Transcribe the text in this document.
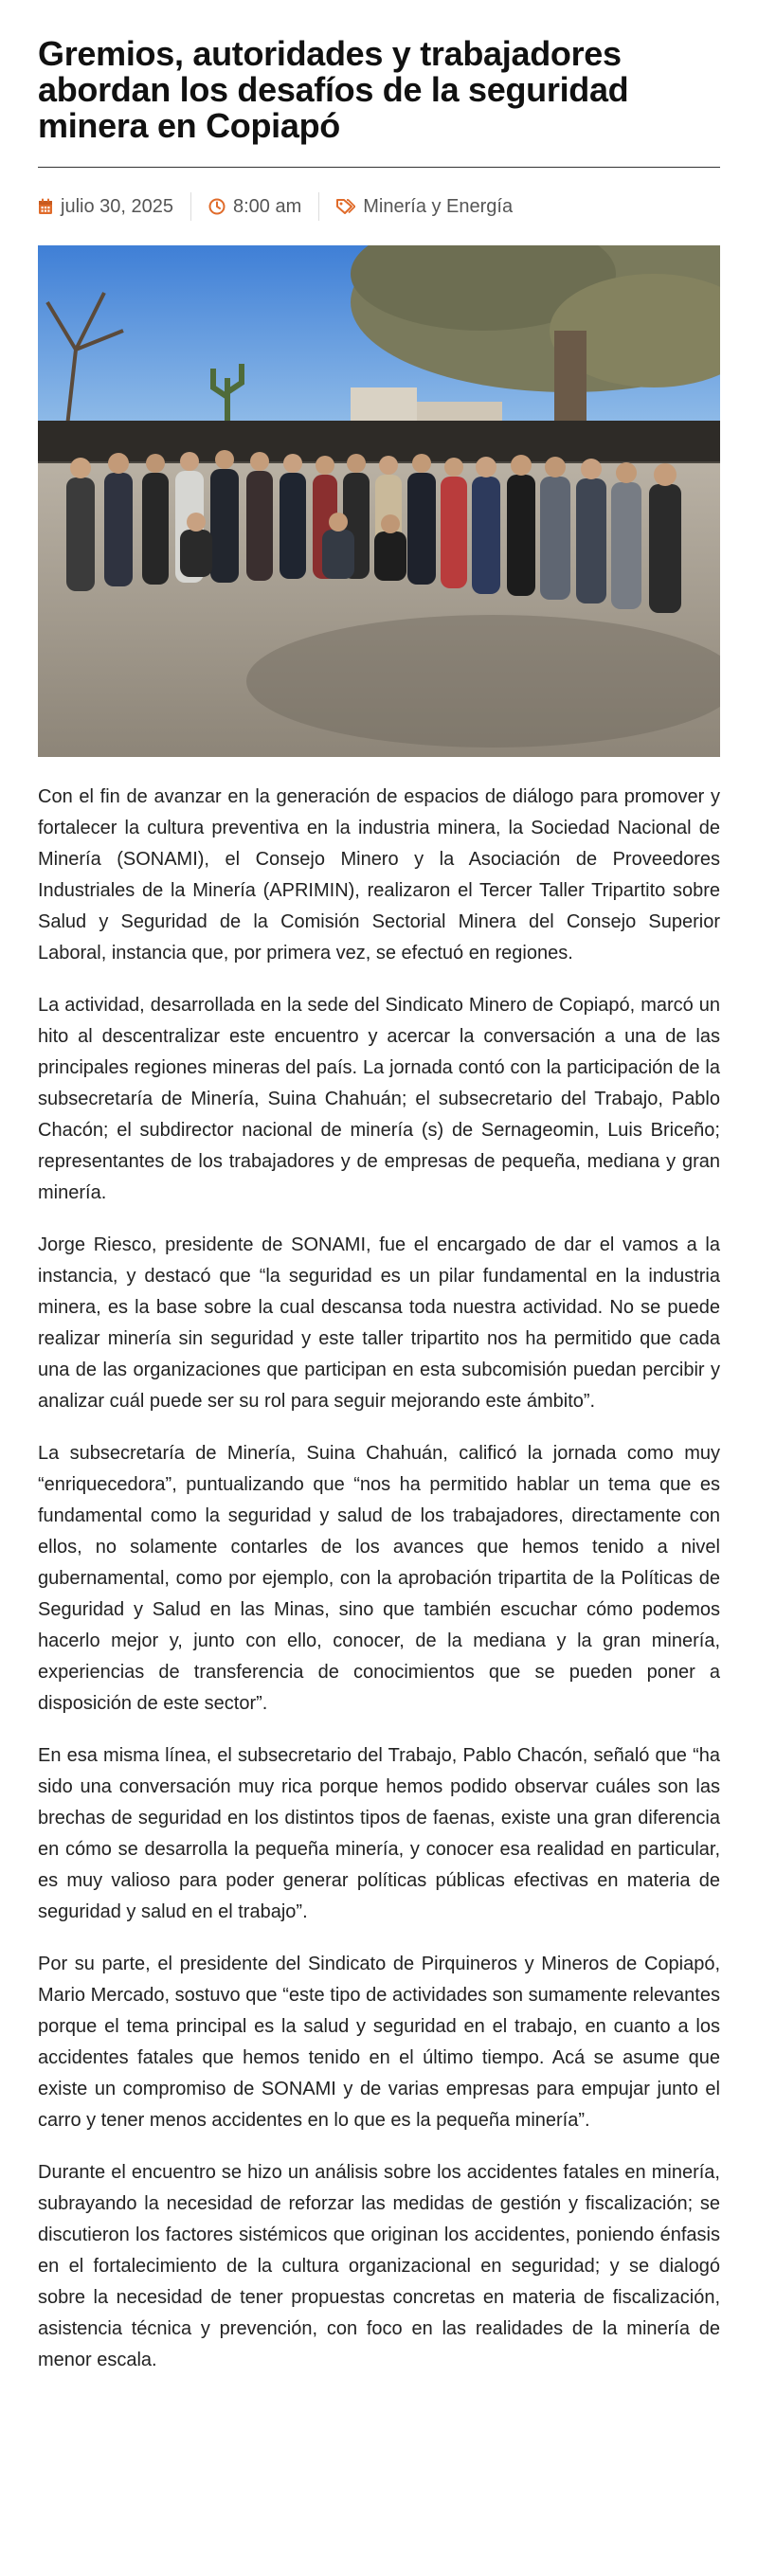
Gremios, autoridades y trabajadores abordan los desafíos de la seguridad minera en Copiapó
julio 30, 2025	8:00 am	Minería y Energía

Con el fin de avanzar en la generación de espacios de diálogo para promover y fortalecer la cultura preventiva en la industria minera, la Sociedad Nacional de Minería (SONAMI), el Consejo Minero y la Asociación de Proveedores Industriales de la Minería (APRIMIN), realizaron el Tercer Taller Tripartito sobre Salud y Seguridad de la Comisión Sectorial Minera del Consejo Superior Laboral, instancia que, por primera vez, se efectuó en regiones.

La actividad, desarrollada en la sede del Sindicato Minero de Copiapó, marcó un hito al descentralizar este encuentro y acercar la conversación a una de las principales regiones mineras del país. La jornada contó con la participación de la subsecretaría de Minería, Suina Chahuán; el subsecretario del Trabajo, Pablo Chacón; el subdirector nacional de minería (s) de Sernageomin, Luis Briceño; representantes de los trabajadores y de empresas de pequeña, mediana y gran minería.

Jorge Riesco, presidente de SONAMI, fue el encargado de dar el vamos a la instancia, y destacó que “la seguridad es un pilar fundamental en la industria minera, es la base sobre la cual descansa toda nuestra actividad. No se puede realizar minería sin seguridad y este taller tripartito nos ha permitido que cada una de las organizaciones que participan en esta subcomisión puedan percibir y analizar cuál puede ser su rol para seguir mejorando este ámbito”.

La subsecretaría de Minería, Suina Chahuán, calificó la jornada como muy “enriquecedora”, puntualizando que “nos ha permitido hablar un tema que es fundamental como la seguridad y salud de los trabajadores, directamente con ellos, no solamente contarles de los avances que hemos tenido a nivel gubernamental, como por ejemplo, con la aprobación tripartita de la Políticas de Seguridad y Salud en las Minas, sino que también escuchar cómo podemos hacerlo mejor y, junto con ello, conocer, de la mediana y la gran minería, experiencias de transferencia de conocimientos que se pueden poner a disposición de este sector”.

En esa misma línea, el subsecretario del Trabajo, Pablo Chacón, señaló que “ha sido una conversación muy rica porque hemos podido observar cuáles son las brechas de seguridad en los distintos tipos de faenas, existe una gran diferencia en cómo se desarrolla la pequeña minería, y conocer esa realidad en particular, es muy valioso para poder generar políticas públicas efectivas en materia de seguridad y salud en el trabajo”.

Por su parte, el presidente del Sindicato de Pirquineros y Mineros de Copiapó, Mario Mercado, sostuvo que “este tipo de actividades son sumamente relevantes porque el tema principal es la salud y seguridad en el trabajo, en cuanto a los accidentes fatales que hemos tenido en el último tiempo. Acá se asume que existe un compromiso de SONAMI y de varias empresas para empujar junto el carro y tener menos accidentes en lo que es la pequeña minería”.

Durante el encuentro se hizo un análisis sobre los accidentes fatales en minería, subrayando la necesidad de reforzar las medidas de gestión y fiscalización; se discutieron los factores sistémicos que originan los accidentes, poniendo énfasis en el fortalecimiento de la cultura organizacional en seguridad; y se dialogó sobre la necesidad de tener propuestas concretas en materia de fiscalización, asistencia técnica y prevención, con foco en las realidades de la minería de menor escala.
